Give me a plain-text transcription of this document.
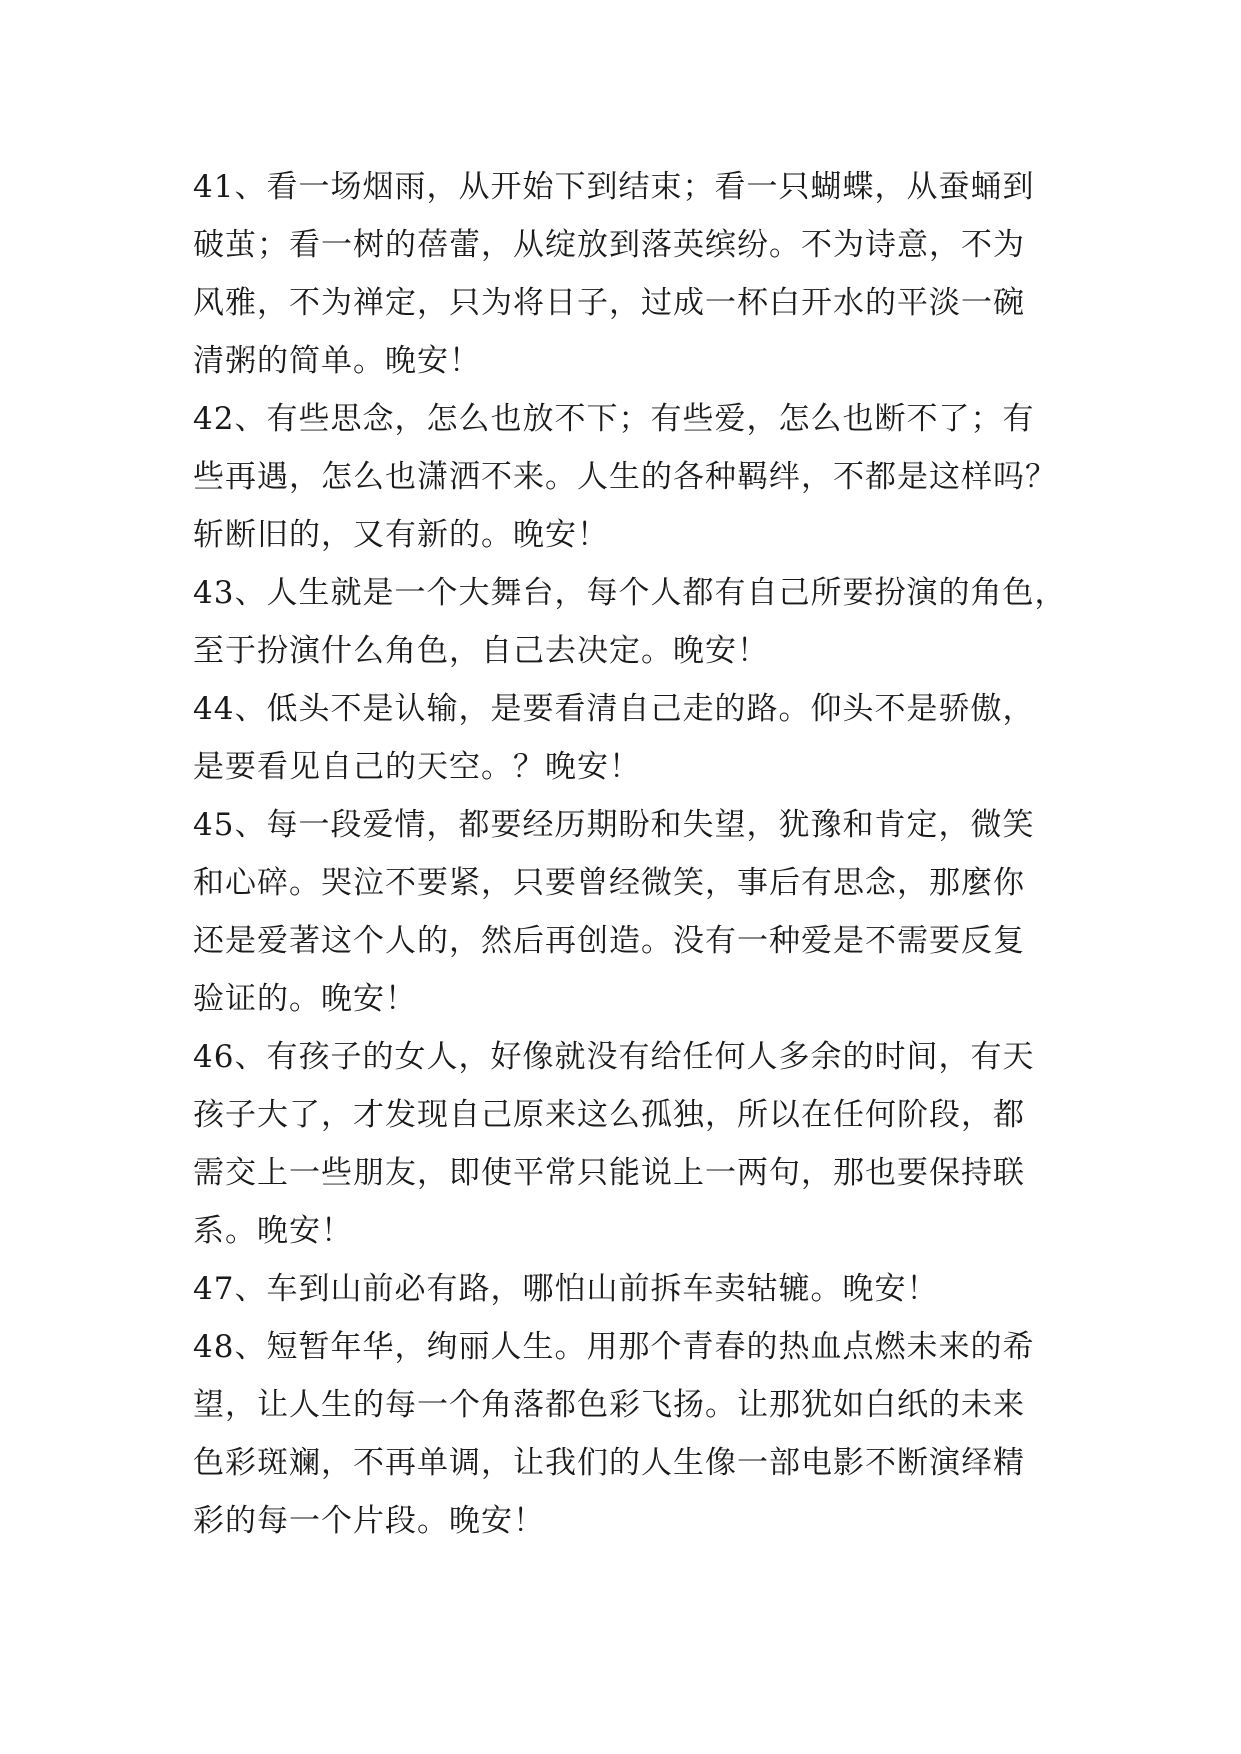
41、看一场烟雨，从开始下到结束；看一只蝴蝶，从蚕蛹到
破茧；看一树的蓓蕾，从绽放到落英缤纷。不为诗意，不为
风雅，不为禅定，只为将日子，过成一杯白开水的平淡一碗
清粥的简单。晚安！
42、有些思念，怎么也放不下；有些爱，怎么也断不了；有
些再遇，怎么也潇洒不来。人生的各种羁绊，不都是这样吗？
斩断旧的，又有新的。晚安！
43、人生就是一个大舞台，每个人都有自己所要扮演的角色，
至于扮演什么角色，自己去决定。晚安！
44、低头不是认输，是要看清自己走的路。仰头不是骄傲，
是要看见自己的天空。？晚安！
45、每一段爱情，都要经历期盼和失望，犹豫和肯定，微笑
和心碎。哭泣不要紧，只要曾经微笑，事后有思念，那麼你
还是爱著这个人的，然后再创造。没有一种爱是不需要反复
验证的。晚安！
46、有孩子的女人，好像就没有给任何人多余的时间，有天
孩子大了，才发现自己原来这么孤独，所以在任何阶段，都
需交上一些朋友，即使平常只能说上一两句，那也要保持联
系。晚安！
47、车到山前必有路，哪怕山前拆车卖轱辘。晚安！
48、短暂年华，绚丽人生。用那个青春的热血点燃未来的希
望，让人生的每一个角落都色彩飞扬。让那犹如白纸的未来
色彩斑斓，不再单调，让我们的人生像一部电影不断演绎精
彩的每一个片段。晚安！
